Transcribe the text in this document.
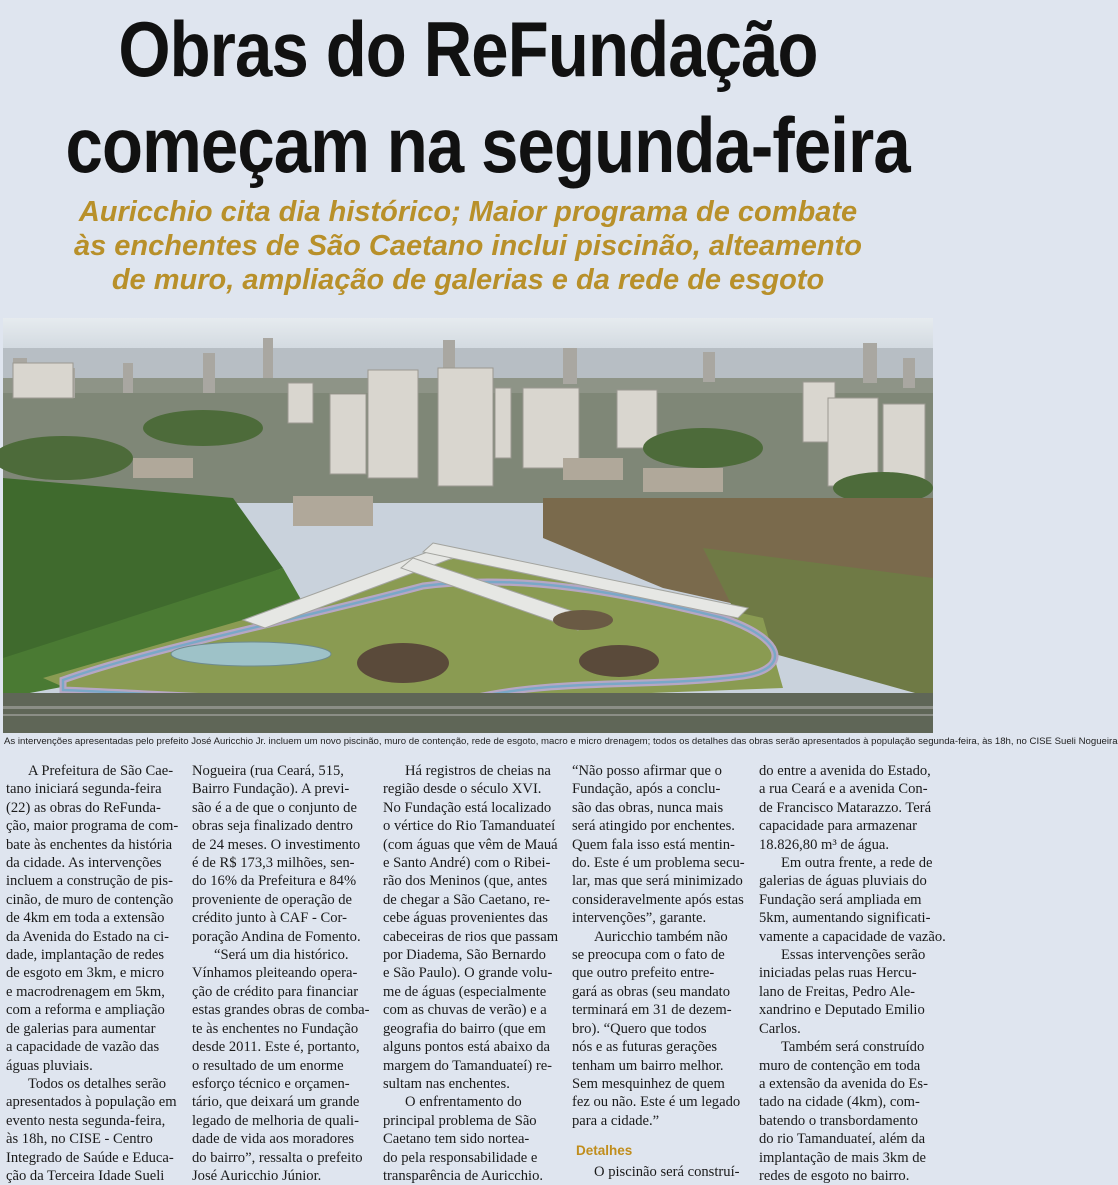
Obras do ReFundação
começam na segunda-feira
Auricchio cita dia histórico; Maior programa de combate
às enchentes de São Caetano inclui piscinão, alteamento
de muro, ampliação de galerias e da rede de esgoto
As intervenções apresentadas pelo prefeito José Auricchio Jr. incluem um novo piscinão, muro de contenção, rede de esgoto, macro e micro drenagem; todos os detalhes das obras serão apresentados à população segunda-feira, às 18h, no CISE Sueli Nogueira
A Prefeitura de São Cae-
tano iniciará segunda-feira
(22) as obras do ReFunda-
ção, maior programa de com-
bate às enchentes da história
da cidade. As intervenções
incluem a construção de pis-
cinão, de muro de contenção
de 4km em toda a extensão
da Avenida do Estado na ci-
dade, implantação de redes
de esgoto em 3km, e micro
e macrodrenagem em 5km,
com a reforma e ampliação
de galerias para aumentar
a capacidade de vazão das
águas pluviais.
Todos os detalhes serão
apresentados à população em
evento nesta segunda-feira,
às 18h, no CISE - Centro
Integrado de Saúde e Educa-
ção da Terceira Idade Sueli
Nogueira (rua Ceará, 515,
Bairro Fundação). A previ-
são é a de que o conjunto de
obras seja finalizado dentro
de 24 meses. O investimento
é de R$ 173,3 milhões, sen-
do 16% da Prefeitura e 84%
proveniente de operação de
crédito junto à CAF - Cor-
poração Andina de Fomento.
“Será um dia histórico.
Vínhamos pleiteando opera-
ção de crédito para financiar
estas grandes obras de comba-
te às enchentes no Fundação
desde 2011. Este é, portanto,
o resultado de um enorme
esforço técnico e orçamen-
tário, que deixará um grande
legado de melhoria de quali-
dade de vida aos moradores
do bairro”, ressalta o prefeito
José Auricchio Júnior.
Há registros de cheias na
região desde o século XVI.
No Fundação está localizado
o vértice do Rio Tamanduateí
(com águas que vêm de Mauá
e Santo André) com o Ribei-
rão dos Meninos (que, antes
de chegar a São Caetano, re-
cebe águas provenientes das
cabeceiras de rios que passam
por Diadema, São Bernardo
e São Paulo). O grande volu-
me de águas (especialmente
com as chuvas de verão) e a
geografia do bairro (que em
alguns pontos está abaixo da
margem do Tamanduateí) re-
sultam nas enchentes.
O enfrentamento do
principal problema de São
Caetano tem sido nortea-
do pela responsabilidade e
transparência de Auricchio.
“Não posso afirmar que o
Fundação, após a conclu-
são das obras, nunca mais
será atingido por enchentes.
Quem fala isso está mentin-
do. Este é um problema secu-
lar, mas que será minimizado
consideravelmente após estas
intervenções”, garante.
Auricchio também não
se preocupa com o fato de
que outro prefeito entre-
gará as obras (seu mandato
terminará em 31 de dezem-
bro). “Quero que todos
nós e as futuras gerações
tenham um bairro melhor.
Sem mesquinhez de quem
fez ou não. Este é um legado
para a cidade.”
Detalhes
O piscinão será construí-
do entre a avenida do Estado,
a rua Ceará e a avenida Con-
de Francisco Matarazzo. Terá
capacidade para armazenar
18.826,80 m³ de água.
Em outra frente, a rede de
galerias de águas pluviais do
Fundação será ampliada em
5km, aumentando significati-
vamente a capacidade de vazão.
Essas intervenções serão
iniciadas pelas ruas Hercu-
lano de Freitas, Pedro Ale-
xandrino e Deputado Emilio
Carlos.
Também será construído
muro de contenção em toda
a extensão da avenida do Es-
tado na cidade (4km), com-
batendo o transbordamento
do rio Tamanduateí, além da
implantação de mais 3km de
redes de esgoto no bairro.
